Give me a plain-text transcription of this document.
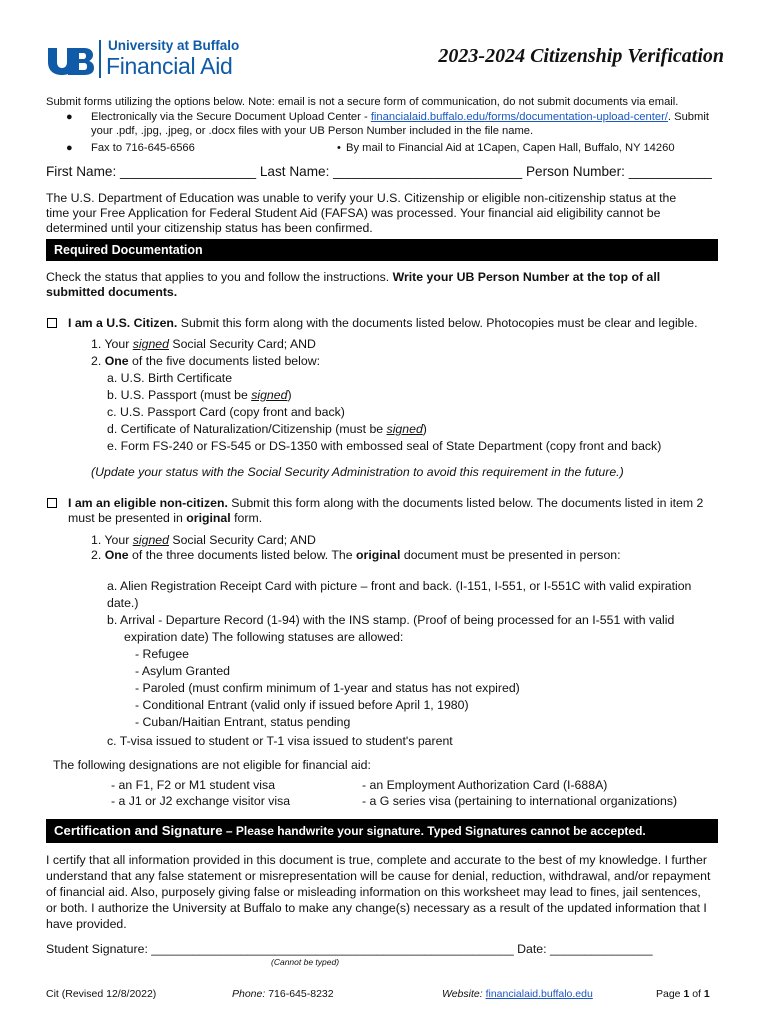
University at Buffalo
Financial Aid	2023-2024 Citizenship Verification
Submit forms utilizing the options below. Note: email is not a secure form of communication, do not submit documents via email.
● Electronically via the Secure Document Upload Center - financialaid.buffalo.edu/forms/documentation-upload-center/. Submit
your .pdf, .jpg, .jpeg, or .docx files with your UB Person Number included in the file name.
● Fax to 716-645-6566	• By mail to Financial Aid at 1Capen, Capen Hall, Buffalo, NY 14260
First Name: __________________ Last Name: _________________________ Person Number: ___________
The U.S. Department of Education was unable to verify your U.S. Citizenship or eligible non-citizenship status at the
time your Free Application for Federal Student Aid (FAFSA) was processed. Your financial aid eligibility cannot be
determined until your citizenship status has been confirmed.
Required Documentation
Check the status that applies to you and follow the instructions. Write your UB Person Number at the top of all
submitted documents.
I am a U.S. Citizen. Submit this form along with the documents listed below. Photocopies must be clear and legible.
1. Your signed Social Security Card; AND
2. One of the five documents listed below:
a. U.S. Birth Certificate
b. U.S. Passport (must be signed)
c. U.S. Passport Card (copy front and back)
d. Certificate of Naturalization/Citizenship (must be signed)
e. Form FS-240 or FS-545 or DS-1350 with embossed seal of State Department (copy front and back)
(Update your status with the Social Security Administration to avoid this requirement in the future.)
I am an eligible non-citizen. Submit this form along with the documents listed below. The documents listed in item 2
must be presented in original form.
1. Your signed Social Security Card; AND
2. One of the three documents listed below. The original document must be presented in person:
a. Alien Registration Receipt Card with picture – front and back. (I-151, I-551, or I-551C with valid expiration
date.)
b. Arrival - Departure Record (1-94) with the INS stamp. (Proof of being processed for an I-551 with valid
expiration date) The following statuses are allowed:
- Refugee
- Asylum Granted
- Paroled (must confirm minimum of 1-year and status has not expired)
- Conditional Entrant (valid only if issued before April 1, 1980)
- Cuban/Haitian Entrant, status pending
c. T-visa issued to student or T-1 visa issued to student's parent
The following designations are not eligible for financial aid:
- an F1, F2 or M1 student visa
- a J1 or J2 exchange visitor visa
- an Employment Authorization Card (I-688A)
- a G series visa (pertaining to international organizations)
Certification and Signature – Please handwrite your signature. Typed Signatures cannot be accepted.
I certify that all information provided in this document is true, complete and accurate to the best of my knowledge. I further
understand that any false statement or misrepresentation will be cause for denial, reduction, withdrawal, and/or repayment
of financial aid. Also, purposely giving false or misleading information on this worksheet may lead to fines, jail sentences,
or both. I authorize the University at Buffalo to make any change(s) necessary as a result of the updated information that I
have provided.
Student Signature: _____________________________________________________ Date: _______________
(Cannot be typed)
Cit (Revised 12/8/2022)	Phone: 716-645-8232	Website: financialaid.buffalo.edu	Page 1 of 1
